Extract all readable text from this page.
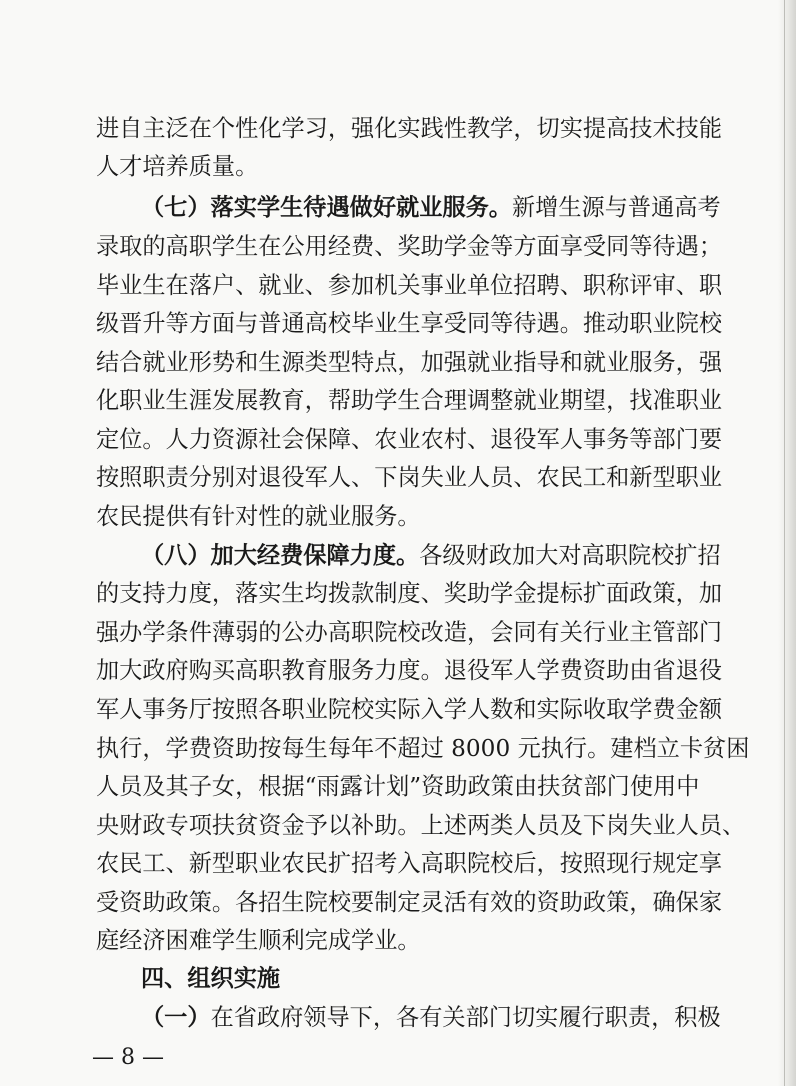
进自主泛在个性化学习，强化实践性教学，切实提高技术技能
人才培养质量。
（七）落实学生待遇做好就业服务。新增生源与普通高考
录取的高职学生在公用经费、奖助学金等方面享受同等待遇；
毕业生在落户、就业、参加机关事业单位招聘、职称评审、职
级晋升等方面与普通高校毕业生享受同等待遇。推动职业院校
结合就业形势和生源类型特点，加强就业指导和就业服务，强
化职业生涯发展教育，帮助学生合理调整就业期望，找准职业
定位。人力资源社会保障、农业农村、退役军人事务等部门要
按照职责分别对退役军人、下岗失业人员、农民工和新型职业
农民提供有针对性的就业服务。
（八）加大经费保障力度。各级财政加大对高职院校扩招
的支持力度，落实生均拨款制度、奖助学金提标扩面政策，加
强办学条件薄弱的公办高职院校改造，会同有关行业主管部门
加大政府购买高职教育服务力度。退役军人学费资助由省退役
军人事务厅按照各职业院校实际入学人数和实际收取学费金额
执行，学费资助按每生每年不超过 8000 元执行。建档立卡贫困
人员及其子女，根据“雨露计划”资助政策由扶贫部门使用中
央财政专项扶贫资金予以补助。上述两类人员及下岗失业人员、
农民工、新型职业农民扩招考入高职院校后，按照现行规定享
受资助政策。各招生院校要制定灵活有效的资助政策，确保家
庭经济困难学生顺利完成学业。
四、组织实施
— 8 —
（一）在省政府领导下，各有关部门切实履行职责，积极
